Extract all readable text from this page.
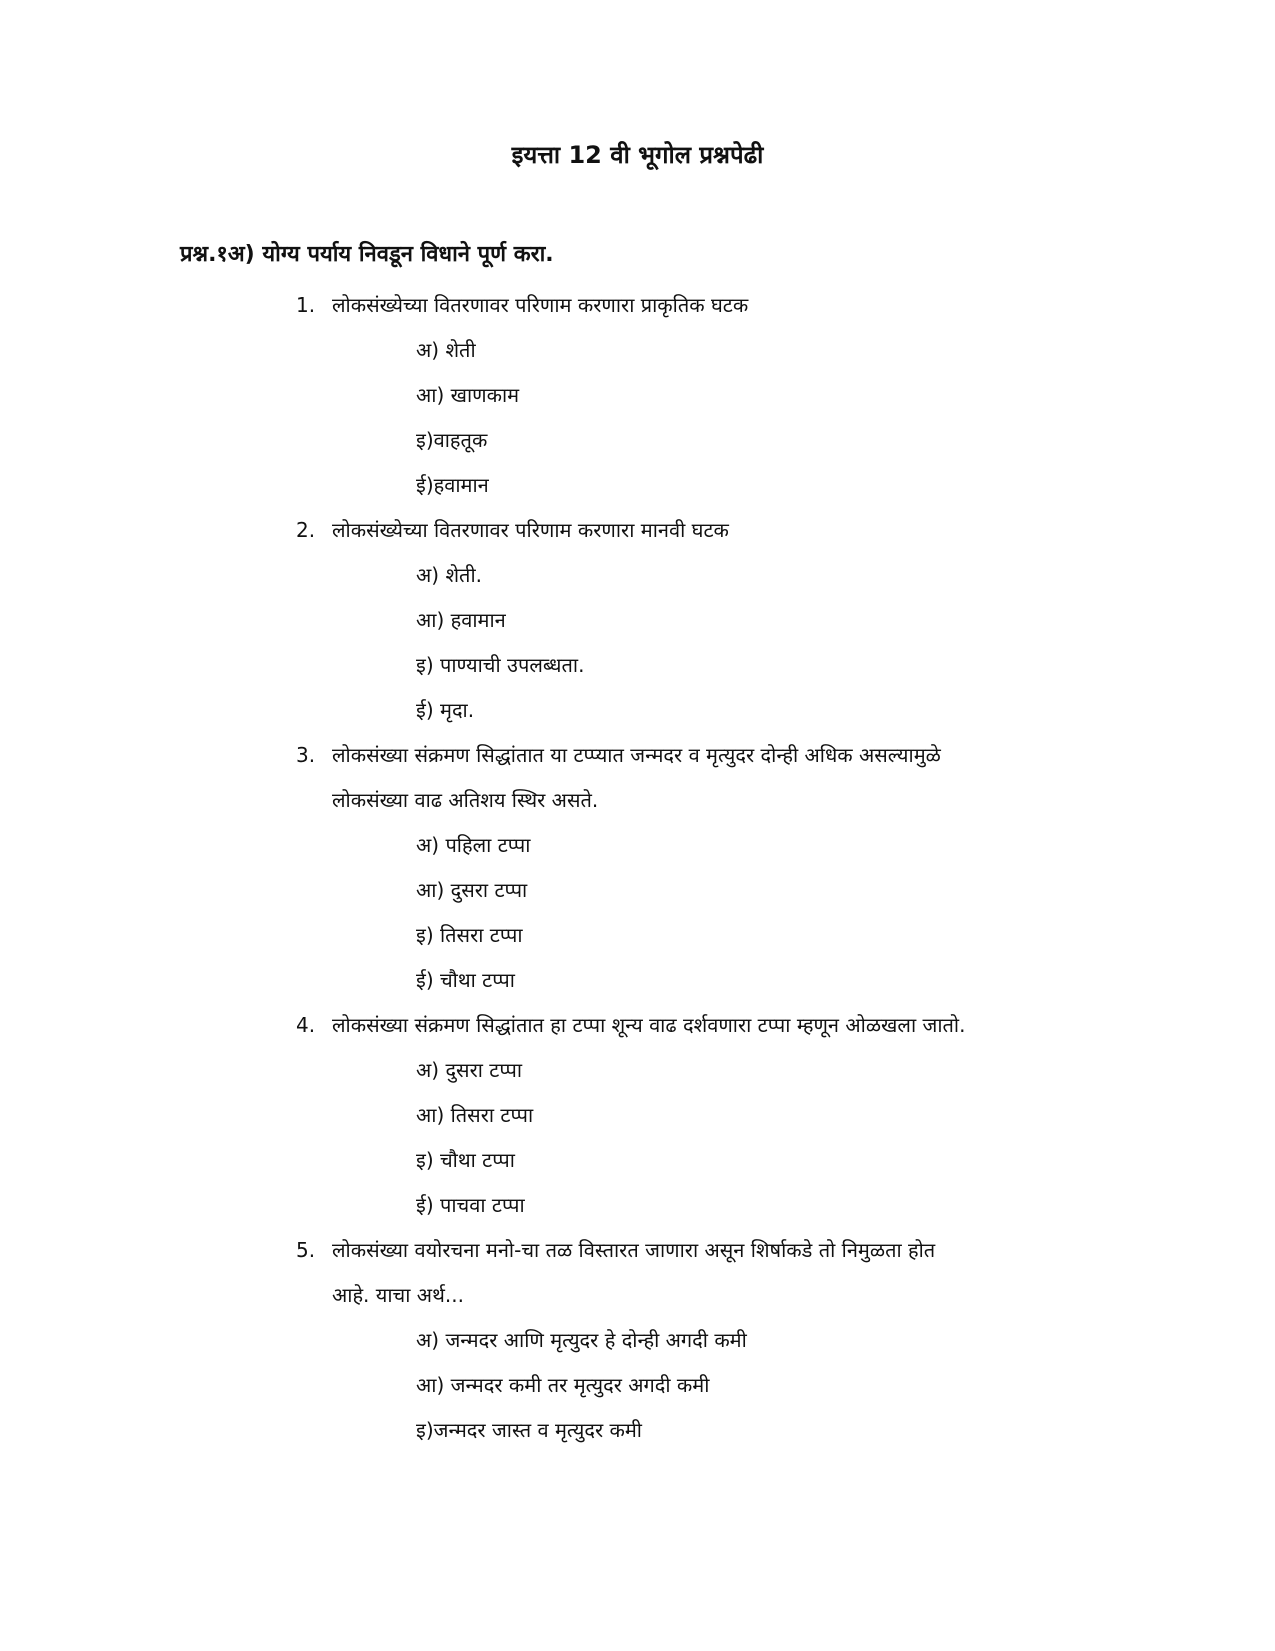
इयत्ता 12 वी भूगोल प्रश्नपेढी
प्रश्न.१अ) योग्य पर्याय निवडून विधाने पूर्ण करा.
1. लोकसंख्येच्या वितरणावर परिणाम करणारा प्राकृतिक घटक
अ) शेती
आ) खाणकाम
इ)वाहतूक
ई)हवामान
2. लोकसंख्येच्या वितरणावर परिणाम करणारा मानवी घटक
अ) शेती.
आ) हवामान
इ) पाण्याची उपलब्धता.
ई) मृदा.
3. लोकसंख्या संक्रमण सिद्धांतात या टप्प्यात जन्मदर व मृत्युदर दोन्ही अधिक असल्यामुळे
लोकसंख्या वाढ अतिशय स्थिर असते.
अ) पहिला टप्पा
आ) दुसरा टप्पा
इ) तिसरा टप्पा
ई) चौथा टप्पा
4. लोकसंख्या संक्रमण सिद्धांतात हा टप्पा शून्य वाढ दर्शवणारा टप्पा म्हणून ओळखला जातो.
अ) दुसरा टप्पा
आ) तिसरा टप्पा
इ) चौथा टप्पा
ई) पाचवा टप्पा
5. लोकसंख्या वयोरचना मनो-चा तळ विस्तारत जाणारा असून शिर्षाकडे तो निमुळता होत
आहे. याचा अर्थ...
अ) जन्मदर आणि मृत्युदर हे दोन्ही अगदी कमी
आ) जन्मदर कमी तर मृत्युदर अगदी कमी
इ)जन्मदर जास्त व मृत्युदर कमी
